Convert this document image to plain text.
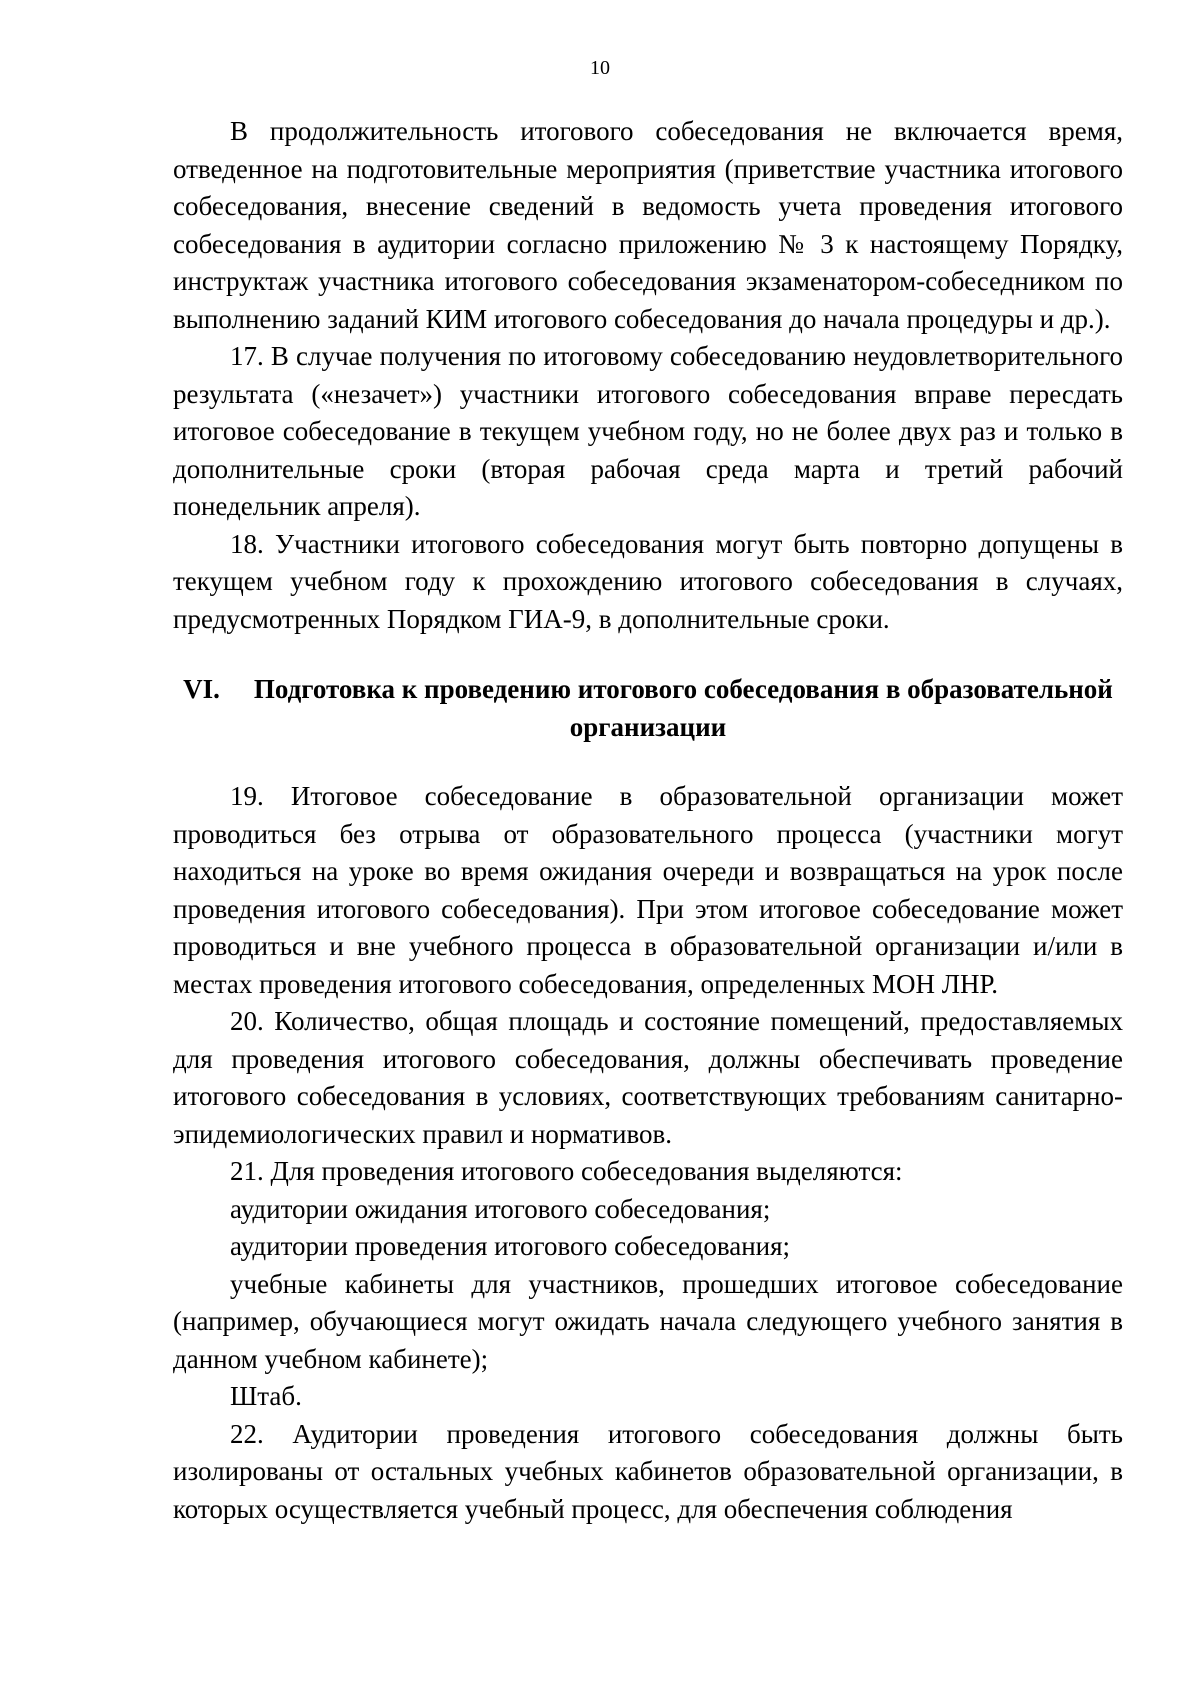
10

В продолжительность итогового собеседования не включается время, отведенное на подготовительные мероприятия (приветствие участника итогового собеседования, внесение сведений в ведомость учета проведения итогового собеседования в аудитории согласно приложению № 3 к настоящему Порядку, инструктаж участника итогового собеседования экзаменатором-собеседником по выполнению заданий КИМ итогового собеседования до начала процедуры и др.).

17. В случае получения по итоговому собеседованию неудовлетворительного результата («незачет») участники итогового собеседования вправе пересдать итоговое собеседование в текущем учебном году, но не более двух раз и только в дополнительные сроки (вторая рабочая среда марта и третий рабочий понедельник апреля).

18. Участники итогового собеседования могут быть повторно допущены в текущем учебном году к прохождению итогового собеседования в случаях, предусмотренных Порядком ГИА-9, в дополнительные сроки.

VI. Подготовка к проведению итогового собеседования в образовательной организации

19. Итоговое собеседование в образовательной организации может проводиться без отрыва от образовательного процесса (участники могут находиться на уроке во время ожидания очереди и возвращаться на урок после проведения итогового собеседования). При этом итоговое собеседование может проводиться и вне учебного процесса в образовательной организации и/или в местах проведения итогового собеседования, определенных МОН ЛНР.

20. Количество, общая площадь и состояние помещений, предоставляемых для проведения итогового собеседования, должны обеспечивать проведение итогового собеседования в условиях, соответствующих требованиям санитарно-эпидемиологических правил и нормативов.

21. Для проведения итогового собеседования выделяются:

аудитории ожидания итогового собеседования;

аудитории проведения итогового собеседования;

учебные кабинеты для участников, прошедших итоговое собеседование (например, обучающиеся могут ожидать начала следующего учебного занятия в данном учебном кабинете);

Штаб.

22. Аудитории проведения итогового собеседования должны быть изолированы от остальных учебных кабинетов образовательной организации, в которых осуществляется учебный процесс, для обеспечения соблюдения
